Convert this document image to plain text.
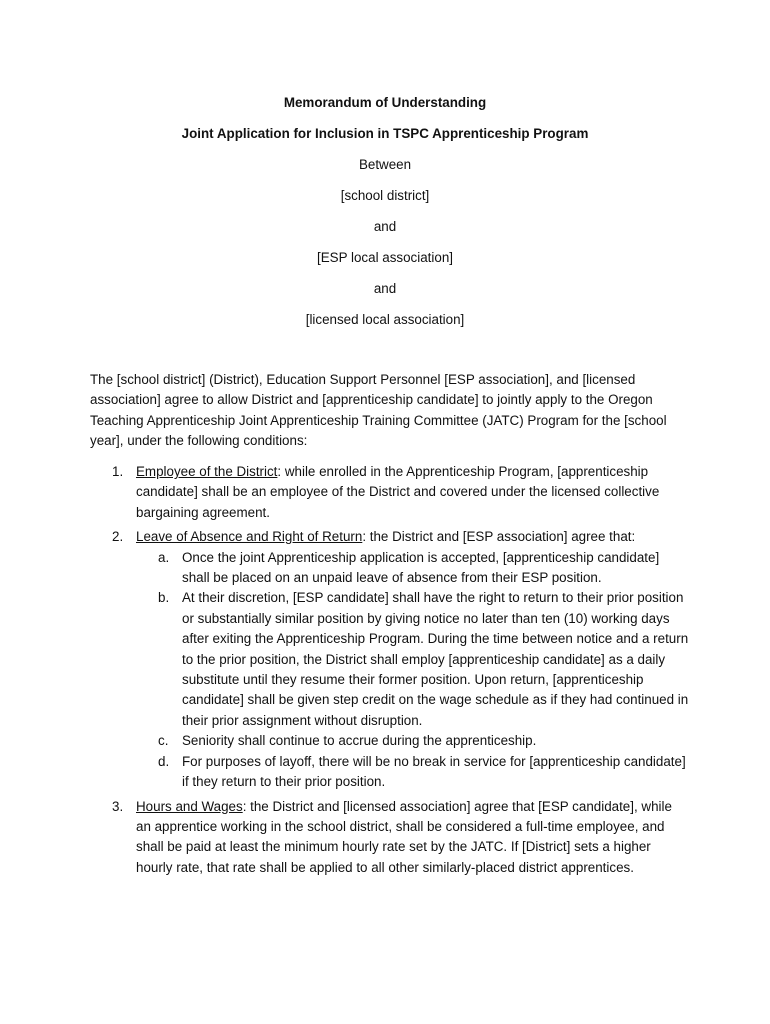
Memorandum of Understanding
Joint Application for Inclusion in TSPC Apprenticeship Program
Between
[school district]
and
[ESP local association]
and
[licensed local association]

The [school district] (District), Education Support Personnel [ESP association], and [licensed association] agree to allow District and [apprenticeship candidate] to jointly apply to the Oregon Teaching Apprenticeship Joint Apprenticeship Training Committee (JATC) Program for the [school year], under the following conditions:

1. Employee of the District: while enrolled in the Apprenticeship Program, [apprenticeship candidate] shall be an employee of the District and covered under the licensed collective bargaining agreement.
2. Leave of Absence and Right of Return: the District and [ESP association] agree that:
a. Once the joint Apprenticeship application is accepted, [apprenticeship candidate] shall be placed on an unpaid leave of absence from their ESP position.
b. At their discretion, [ESP candidate] shall have the right to return to their prior position or substantially similar position by giving notice no later than ten (10) working days after exiting the Apprenticeship Program. During the time between notice and a return to the prior position, the District shall employ [apprenticeship candidate] as a daily substitute until they resume their former position. Upon return, [apprenticeship candidate] shall be given step credit on the wage schedule as if they had continued in their prior assignment without disruption.
c. Seniority shall continue to accrue during the apprenticeship.
d. For purposes of layoff, there will be no break in service for [apprenticeship candidate] if they return to their prior position.
3. Hours and Wages: the District and [licensed association] agree that [ESP candidate], while an apprentice working in the school district, shall be considered a full-time employee, and shall be paid at least the minimum hourly rate set by the JATC. If [District] sets a higher hourly rate, that rate shall be applied to all other similarly-placed district apprentices.
